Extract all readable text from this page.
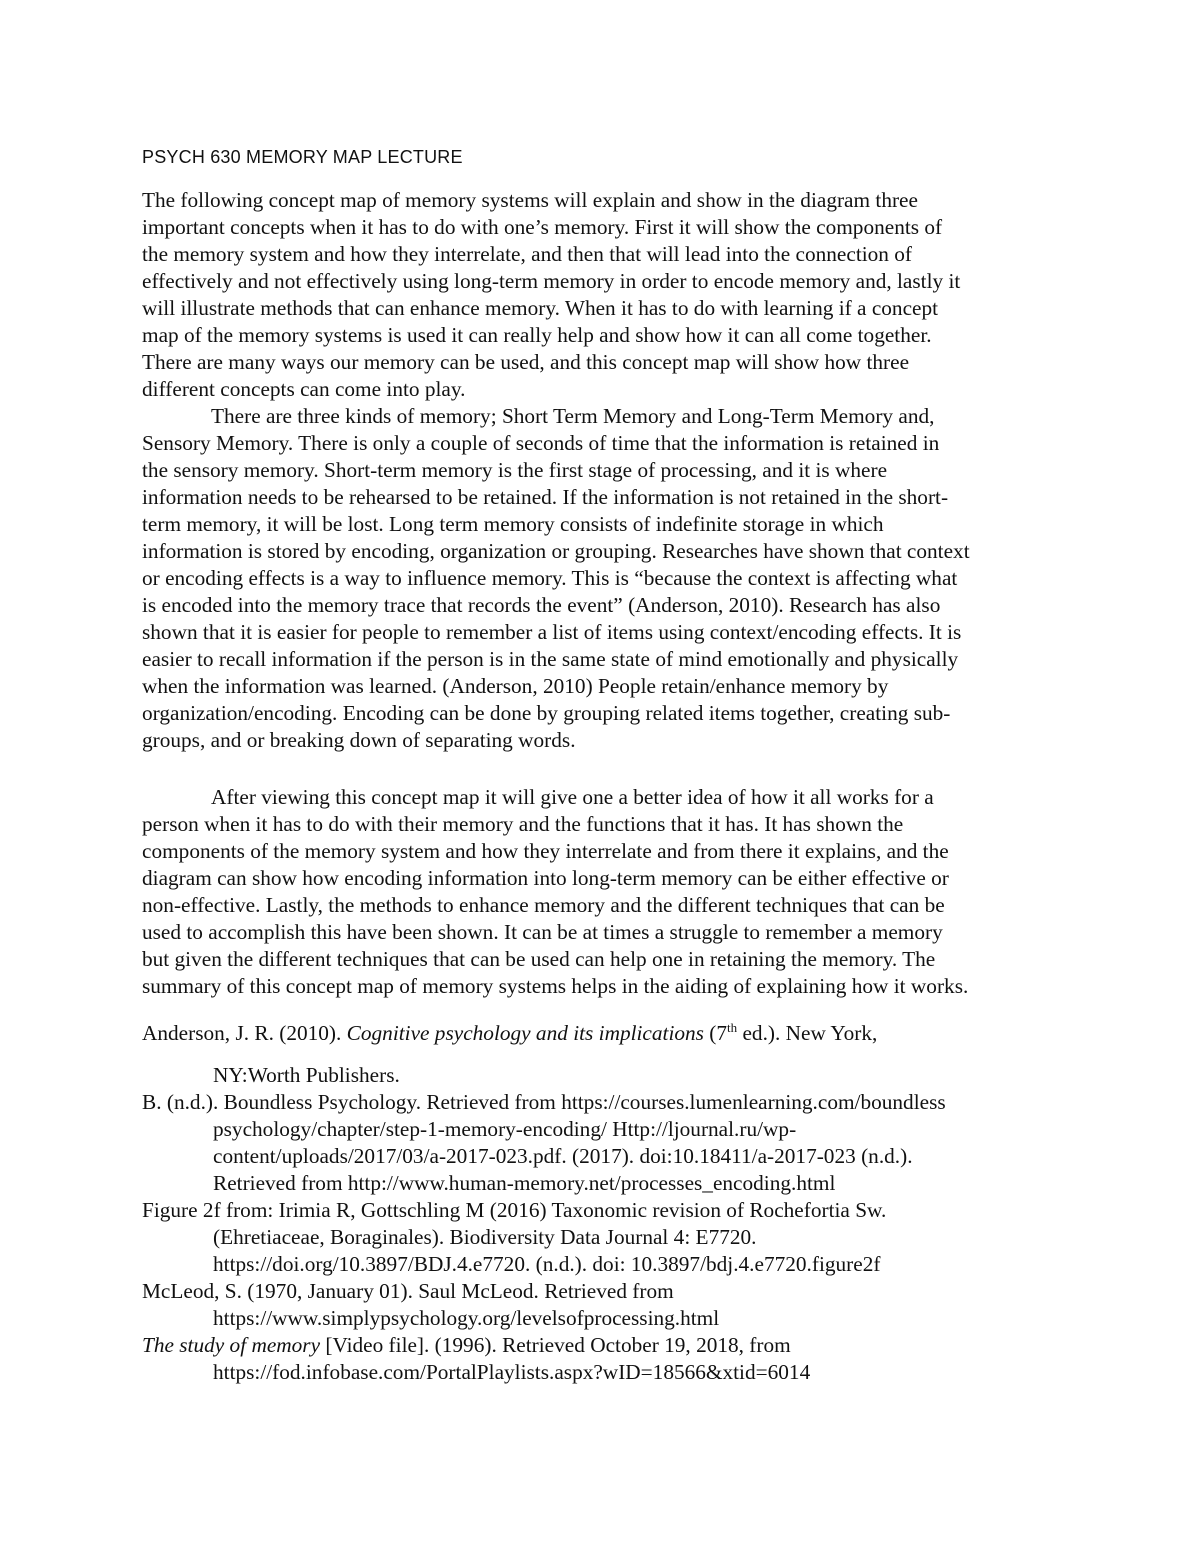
PSYCH 630 MEMORY MAP LECTURE

The following concept map of memory systems will explain and show in the diagram three

important concepts when it has to do with one’s memory. First it will show the components of

the memory system and how they interrelate, and then that will lead into the connection of

effectively and not effectively using long-term memory in order to encode memory and, lastly it

will illustrate methods that can enhance memory. When it has to do with learning if a concept

map of the memory systems is used it can really help and show how it can all come together.

There are many ways our memory can be used, and this concept map will show how three

different concepts can come into play.

There are three kinds of memory; Short Term Memory and Long-Term Memory and,

Sensory Memory. There is only a couple of seconds of time that the information is retained in

the sensory memory. Short-term memory is the first stage of processing, and it is where

information needs to be rehearsed to be retained. If the information is not retained in the short-

term memory, it will be lost. Long term memory consists of indefinite storage in which

information is stored by encoding, organization or grouping. Researches have shown that context

or encoding effects is a way to influence memory. This is “because the context is affecting what

is encoded into the memory trace that records the event” (Anderson, 2010). Research has also

shown that it is easier for people to remember a list of items using context/encoding effects. It is

easier to recall information if the person is in the same state of mind emotionally and physically

when the information was learned. (Anderson, 2010) People retain/enhance memory by

organization/encoding. Encoding can be done by grouping related items together, creating sub-

groups, and or breaking down of separating words.

After viewing this concept map it will give one a better idea of how it all works for a

person when it has to do with their memory and the functions that it has. It has shown the

components of the memory system and how they interrelate and from there it explains, and the

diagram can show how encoding information into long-term memory can be either effective or

non-effective. Lastly, the methods to enhance memory and the different techniques that can be

used to accomplish this have been shown. It can be at times a struggle to remember a memory

but given the different techniques that can be used can help one in retaining the memory. The

summary of this concept map of memory systems helps in the aiding of explaining how it works.

Anderson, J. R. (2010). Cognitive psychology and its implications (7th ed.). New York,
NY:Worth Publishers.
B. (n.d.). Boundless Psychology. Retrieved from https://courses.lumenlearning.com/boundless
psychology/chapter/step-1-memory-encoding/ Http://ljournal.ru/wp-
content/uploads/2017/03/a-2017-023.pdf. (2017). doi:10.18411/a-2017-023 (n.d.).
Retrieved from http://www.human-memory.net/processes_encoding.html
Figure 2f from: Irimia R, Gottschling M (2016) Taxonomic revision of Rochefortia Sw.
(Ehretiaceae, Boraginales). Biodiversity Data Journal 4: E7720.
https://doi.org/10.3897/BDJ.4.e7720. (n.d.). doi: 10.3897/bdj.4.e7720.figure2f
McLeod, S. (1970, January 01). Saul McLeod. Retrieved from
https://www.simplypsychology.org/levelsofprocessing.html
The study of memory [Video file]. (1996). Retrieved October 19, 2018, from
https://fod.infobase.com/PortalPlaylists.aspx?wID=18566&xtid=6014
